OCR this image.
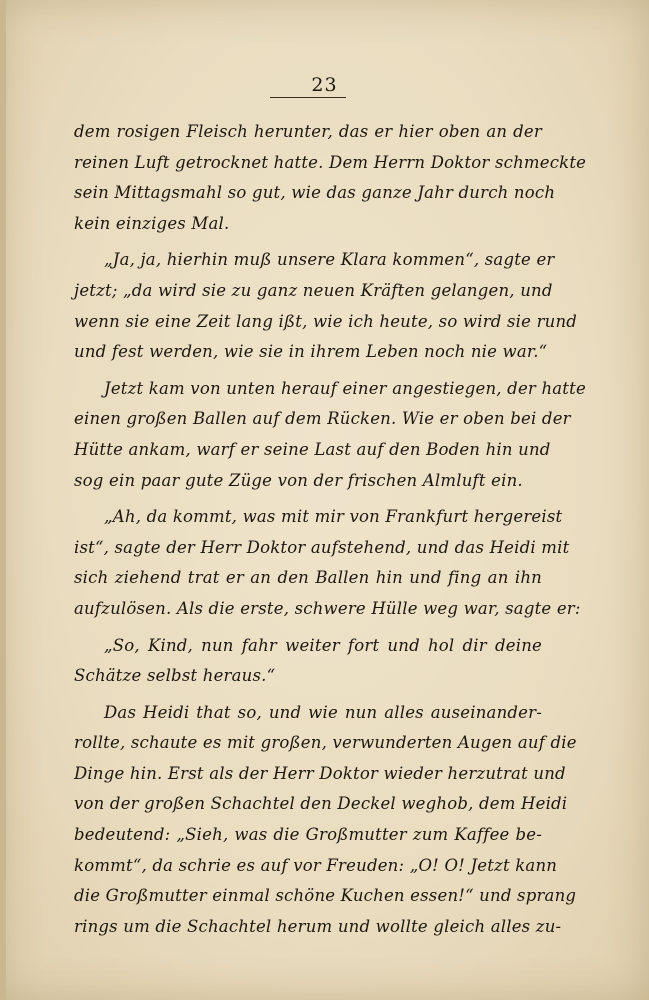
23
dem rosigen Fleisch herunter, das er hier oben an der
reinen Luft getrocknet hatte. Dem Herrn Doktor schmeckte
sein Mittagsmahl so gut, wie das ganze Jahr durch noch
kein einziges Mal.
„Ja, ja, hierhin muß unsere Klara kommen“, sagte er
jetzt; „da wird sie zu ganz neuen Kräften gelangen, und
wenn sie eine Zeit lang ißt, wie ich heute, so wird sie rund
und fest werden, wie sie in ihrem Leben noch nie war.“
Jetzt kam von unten herauf einer angestiegen, der hatte
einen großen Ballen auf dem Rücken. Wie er oben bei der
Hütte ankam, warf er seine Last auf den Boden hin und
sog ein paar gute Züge von der frischen Almluft ein.
„Ah, da kommt, was mit mir von Frankfurt hergereist
ist“, sagte der Herr Doktor aufstehend, und das Heidi mit
sich ziehend trat er an den Ballen hin und fing an ihn
aufzulösen. Als die erste, schwere Hülle weg war, sagte er:
„So, Kind, nun fahr weiter fort und hol dir deine
Schätze selbst heraus.“
Das Heidi that so, und wie nun alles auseinander-
rollte, schaute es mit großen, verwunderten Augen auf die
Dinge hin. Erst als der Herr Doktor wieder herzutrat und
von der großen Schachtel den Deckel weghob, dem Heidi
bedeutend: „Sieh, was die Großmutter zum Kaffee be-
kommt“, da schrie es auf vor Freuden: „O! O! Jetzt kann
die Großmutter einmal schöne Kuchen essen!“ und sprang
rings um die Schachtel herum und wollte gleich alles zu-
